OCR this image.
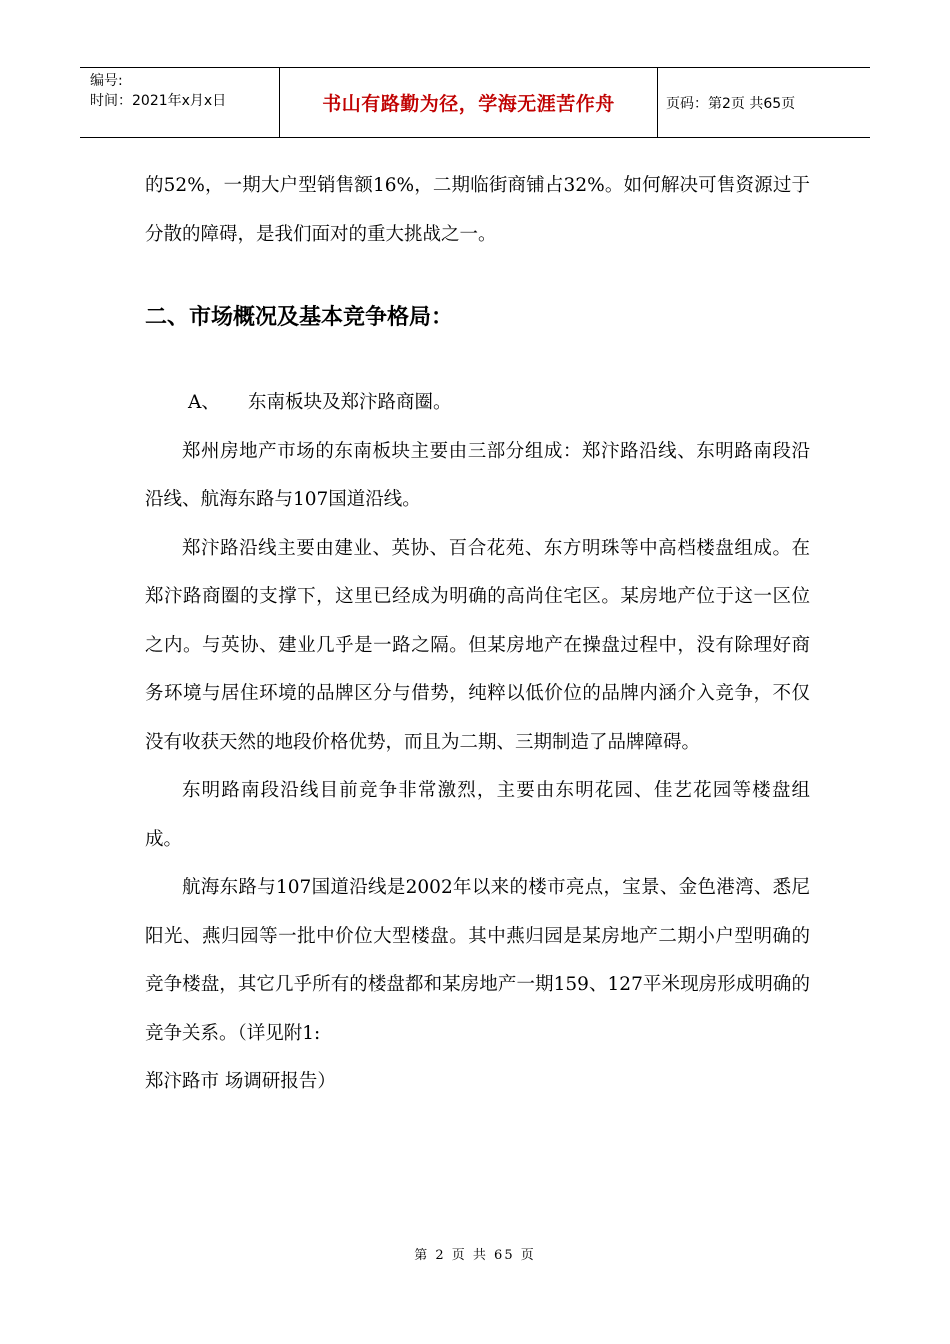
编号:
时间：2021年x月x日	书山有路勤为径，学海无涯苦作舟	页码：第2页 共65页

的52%，一期大户型销售额16%，二期临街商铺占32%。如何解决可售资源过于分散的障碍，是我们面对的重大挑战之一。

二、市场概况及基本竞争格局：

A、 东南板块及郑汴路商圈。

郑州房地产市场的东南板块主要由三部分组成：郑汴路沿线、东明路南段沿沿线、航海东路与107国道沿线。

郑汴路沿线主要由建业、英协、百合花苑、东方明珠等中高档楼盘组成。在郑汴路商圈的支撑下，这里已经成为明确的高尚住宅区。某房地产位于这一区位之内。与英协、建业几乎是一路之隔。但某房地产在操盘过程中，没有除理好商务环境与居住环境的品牌区分与借势，纯粹以低价位的品牌内涵介入竞争，不仅没有收获天然的地段价格优势，而且为二期、三期制造了品牌障碍。

东明路南段沿线目前竞争非常激烈，主要由东明花园、佳艺花园等楼盘组成。

航海东路与107国道沿线是2002年以来的楼市亮点，宝景、金色港湾、悉尼阳光、燕归园等一批中价位大型楼盘。其中燕归园是某房地产二期小户型明确的竞争楼盘，其它几乎所有的楼盘都和某房地产一期159、127平米现房形成明确的竞争关系。（详见附1:

郑汴路市 场调研报告）

第 2 页 共 65 页
